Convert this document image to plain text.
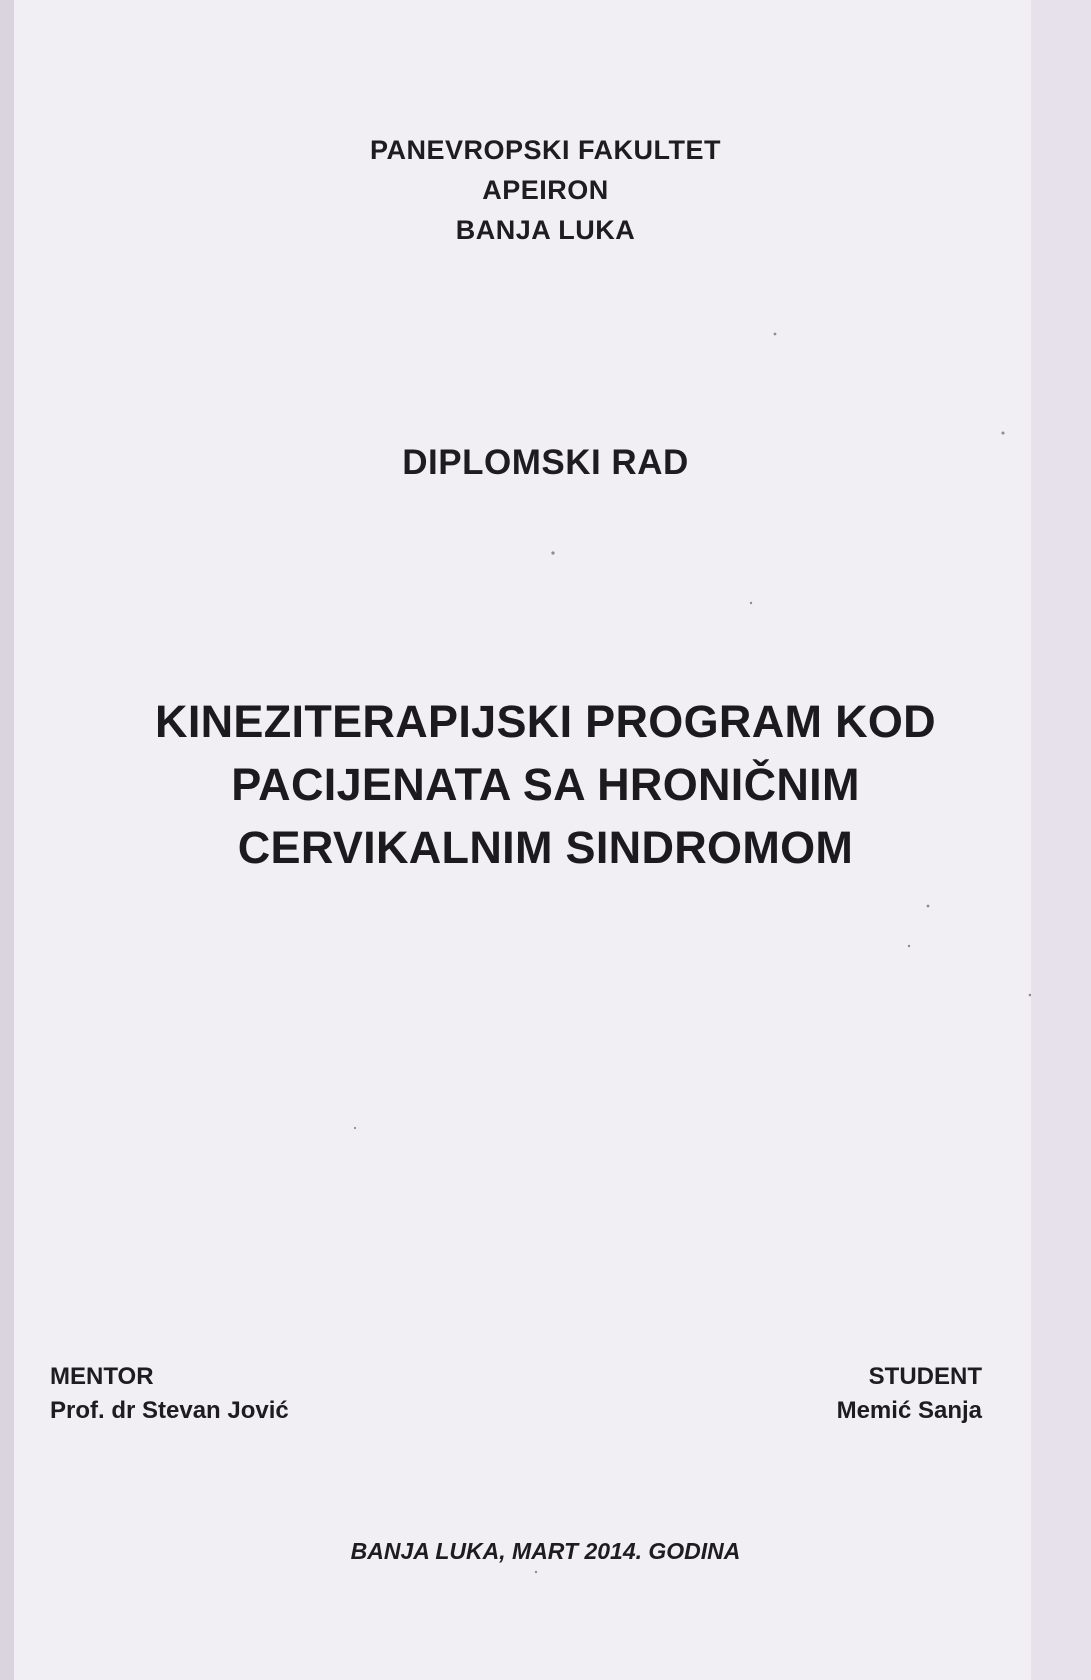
PANEVROPSKI FAKULTET
APEIRON
BANJA LUKA
DIPLOMSKI RAD
KINEZITERAPIJSKI PROGRAM KOD
PACIJENATA SA HRONIČNIM
CERVIKALNIM SINDROMOM
MENTOR
Prof. dr Stevan Jović
STUDENT
Memić Sanja
BANJA LUKA, MART 2014. GODINA
